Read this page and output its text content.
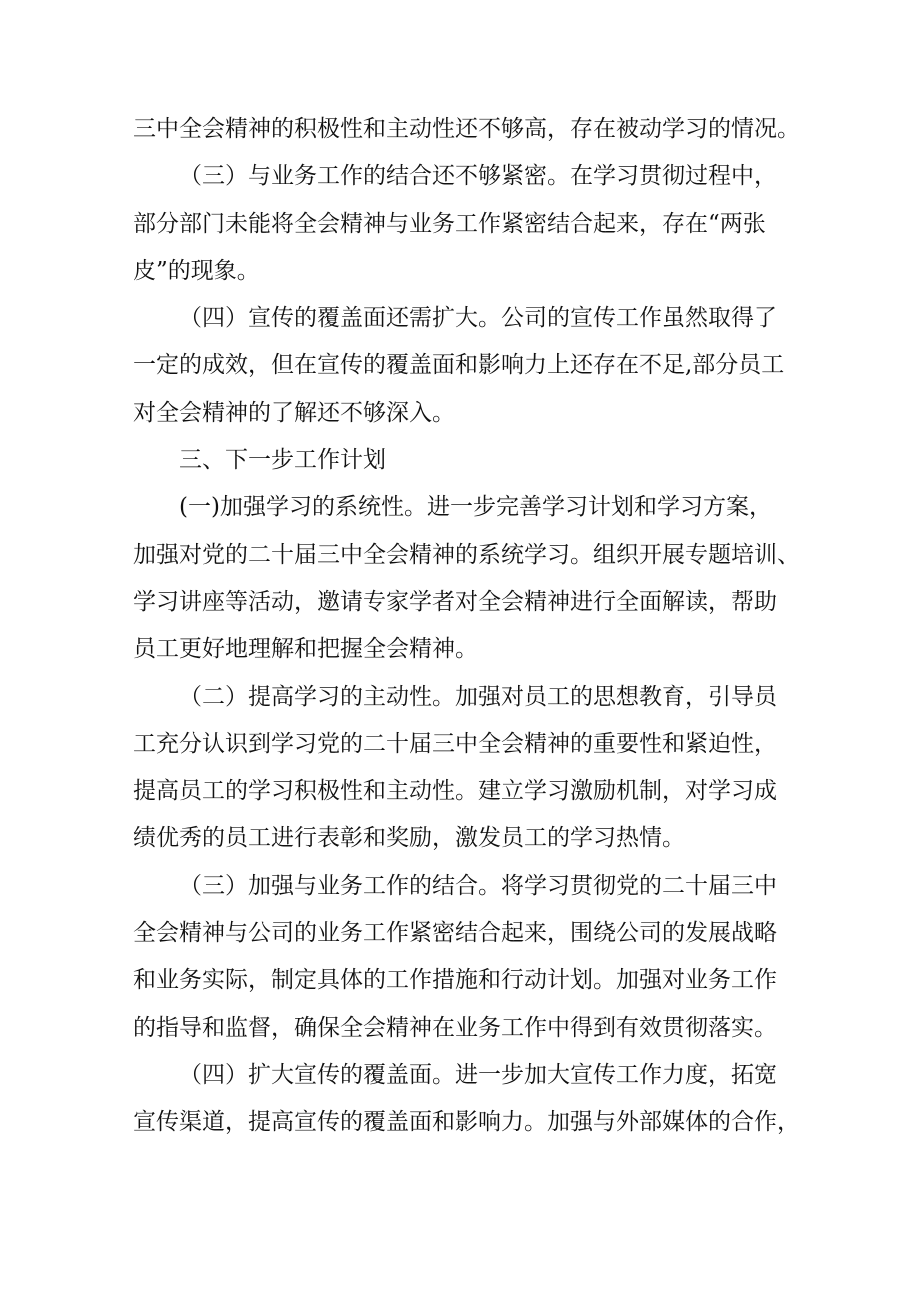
三中全会精神的积极性和主动性还不够高，存在被动学习的情况。
（三）与业务工作的结合还不够紧密。在学习贯彻过程中，
部分部门未能将全会精神与业务工作紧密结合起来，存在“两张
皮”的现象。
（四）宣传的覆盖面还需扩大。公司的宣传工作虽然取得了
一定的成效，但在宣传的覆盖面和影响力上还存在不足,部分员工
对全会精神的了解还不够深入。
三、下一步工作计划
(一)加强学习的系统性。进一步完善学习计划和学习方案，
加强对党的二十届三中全会精神的系统学习。组织开展专题培训、
学习讲座等活动，邀请专家学者对全会精神进行全面解读，帮助
员工更好地理解和把握全会精神。
（二）提高学习的主动性。加强对员工的思想教育，引导员
工充分认识到学习党的二十届三中全会精神的重要性和紧迫性，
提高员工的学习积极性和主动性。建立学习激励机制，对学习成
绩优秀的员工进行表彰和奖励，激发员工的学习热情。
（三）加强与业务工作的结合。将学习贯彻党的二十届三中
全会精神与公司的业务工作紧密结合起来，围绕公司的发展战略
和业务实际，制定具体的工作措施和行动计划。加强对业务工作
的指导和监督，确保全会精神在业务工作中得到有效贯彻落实。
（四）扩大宣传的覆盖面。进一步加大宣传工作力度，拓宽
宣传渠道，提高宣传的覆盖面和影响力。加强与外部媒体的合作，
